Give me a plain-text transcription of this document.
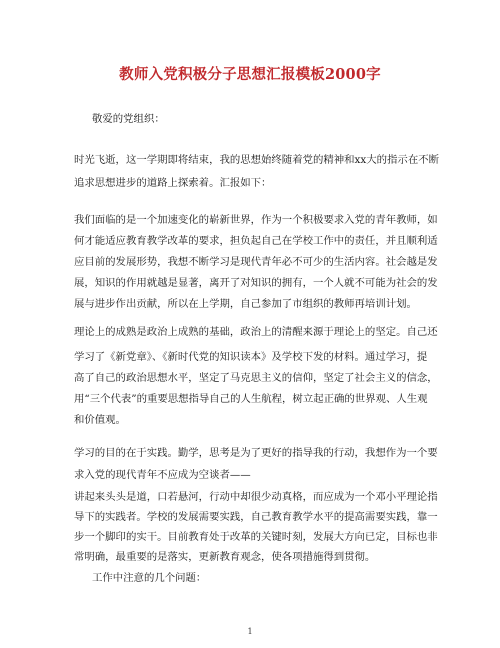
教师入党积极分子思想汇报模板2000字
敬爱的党组织：
时光飞逝，这一学期即将结束，我的思想始终随着党的精神和xx大的指示在不断
追求思想进步的道路上探索着。汇报如下：
我们面临的是一个加速变化的崭新世界，作为一个积极要求入党的青年教师，如
何才能适应教育教学改革的要求，担负起自己在学校工作中的责任，并且顺利适
应目前的发展形势，我想不断学习是现代青年必不可少的生活内容。社会越是发
展，知识的作用就越是显著，离开了对知识的拥有，一个人就不可能为社会的发
展与进步作出贡献，所以在上学期，自己参加了市组织的教师再培训计划。
理论上的成熟是政治上成熟的基础，政治上的清醒来源于理论上的坚定。自己还
学习了《新党章》、《新时代党的知识读本》及学校下发的材料。通过学习，提
高了自己的政治思想水平，坚定了马克思主义的信仰，坚定了社会主义的信念，
用“三个代表”的重要思想指导自己的人生航程，树立起正确的世界观、人生观
和价值观。
学习的目的在于实践。勤学，思考是为了更好的指导我的行动，我想作为一个要
求入党的现代青年不应成为空谈者——
讲起来头头是道，口若悬河，行动中却很少动真格，而应成为一个邓小平理论指
导下的实践者。学校的发展需要实践，自己教育教学水平的提高需要实践，靠一
步一个脚印的实干。目前教育处于改革的关键时刻，发展大方向已定，目标也非
常明确，最重要的是落实，更新教育观念，使各项措施得到贯彻。
工作中注意的几个问题：
1
